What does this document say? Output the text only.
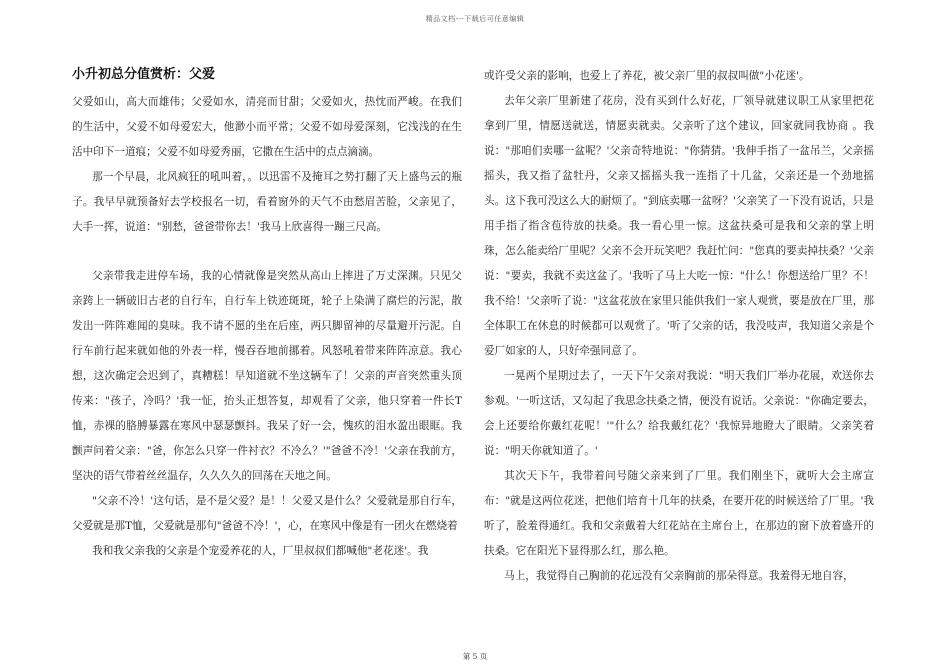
精品文档---下载后可任意编辑
小升初总分值赏析：父爱

父爱如山，高大而雄伟；父爱如水，清亮而甘甜；父爱如火，热忱而严峻。在我们的生活中，父爱不如母爱宏大，他渺小而平常；父爱不如母爱深刻，它浅浅的在生活中印下一道痕；父爱不如母爱秀丽，它撒在生活中的点点滴滴。

那一个早晨，北风疯狂的吼叫着，。以迅雷不及掩耳之势打翻了天上盛鸟云的瓶子。我早早就预备好去学校报名一切，看着窗外的天气不由愁眉苦脸，父亲见了，大手一挥，说道："别愁，爸爸带你去！'我马上欣喜得一蹦三尺高。

父亲带我走进停车场，我的心情就像是突然从高山上摔进了万丈深渊。只见父亲跨上一辆破旧古老的自行车，自行车上铁迹斑斑，轮子上染满了腐烂的污泥，散发出一阵阵难闻的臭味。我不请不愿的坐在后座，两只脚留神的尽量避开污泥。自行车前行起来就如他的外表一样，慢吞吞地前挪着。风怒吼着带来阵阵凉意。我心想，这次确定会迟到了，真糟糕！早知道就不坐这辆车了！父亲的声音突然重头顶传来："孩子，冷吗？'我一怔，抬头正想答复，却观看了父亲，他只穿着一件长T恤，赤裸的胳膊暴露在寒风中瑟瑟颤抖。我呆了好一会，愧疚的泪水盈出眼眶。我颤声问着父亲："爸，你怎么只穿一件衬衣？不冷么？'"爸爸不冷！'父亲在我前方，坚决的语气带着丝丝温存，久久久久的回荡在天地之间。

"父亲不冷！'这句话，是不是父爱？是！！父爱又是什么？父爱就是那自行车，父爱就是那T恤，父爱就是那句"爸爸不冷！'，心，在寒风中像是有一团火在燃烧着

我和我父亲我的父亲是个宠爱养花的人，厂里叔叔们都喊他"老花迷'。我

或许受父亲的影响，也爱上了养花，被父亲厂里的叔叔叫做"小花迷'。

去年父亲厂里新建了花房，没有买到什么好花，厂领导就建议职工从家里把花拿到厂里，情愿送就送，情愿卖就卖。父亲听了这个建议，回家就同我协商 。我说："那咱们卖哪一盆呢？'父亲奇特地说："你猜猜。'我伸手指了一盆吊兰，父亲摇摇头，我又指了盆牡丹，父亲又摇摇头我一连指了十几盆，父亲还是一个劲地摇头。这下我可没这么大的耐烦了。"到底卖哪一盆呀？'父亲笑了一下没有说话，只是用手指了指含苞待放的扶桑。我一看心里一惊。这盆扶桑可是我和父亲的掌上明珠，怎么能卖给厂里呢？父亲不会开玩笑吧？我赶忙问："您真的要卖掉扶桑？'父亲说："要卖，我就不卖这盆了。'我听了马上大吃一惊："什么！你想送给厂里？不！我不给！'父亲听了说："这盆花放在家里只能供我们一家人观赏，要是放在厂里，那全体职工在休息的时候都可以观赏了。'听了父亲的话，我没吱声，我知道父亲是个爱厂如家的人，只好牵强同意了。

一晃两个星期过去了，一天下午父亲对我说："明天我们厂举办花展，欢送你去参观。'一听这话，又勾起了我思念扶桑之情，便没有说话。父亲说："你确定要去，会上还要给你戴红花呢！'"什么？给我戴红花？'我惊异地瞪大了眼睛。父亲笑着说："明天你就知道了。'

其次天下午，我带着问号随父亲来到了厂里。我们刚坐下，就听大会主席宣布："就是这两位花迷，把他们培育十几年的扶桑，在要开花的时候送给了厂里。'我听了，脸羞得通红。我和父亲戴着大红花站在主席台上，在那边的窗下放着盛开的扶桑。它在阳光下显得那么红，那么艳。

马上，我觉得自己胸前的花远没有父亲胸前的那朵得意。我羞得无地自容，

第 5 页
